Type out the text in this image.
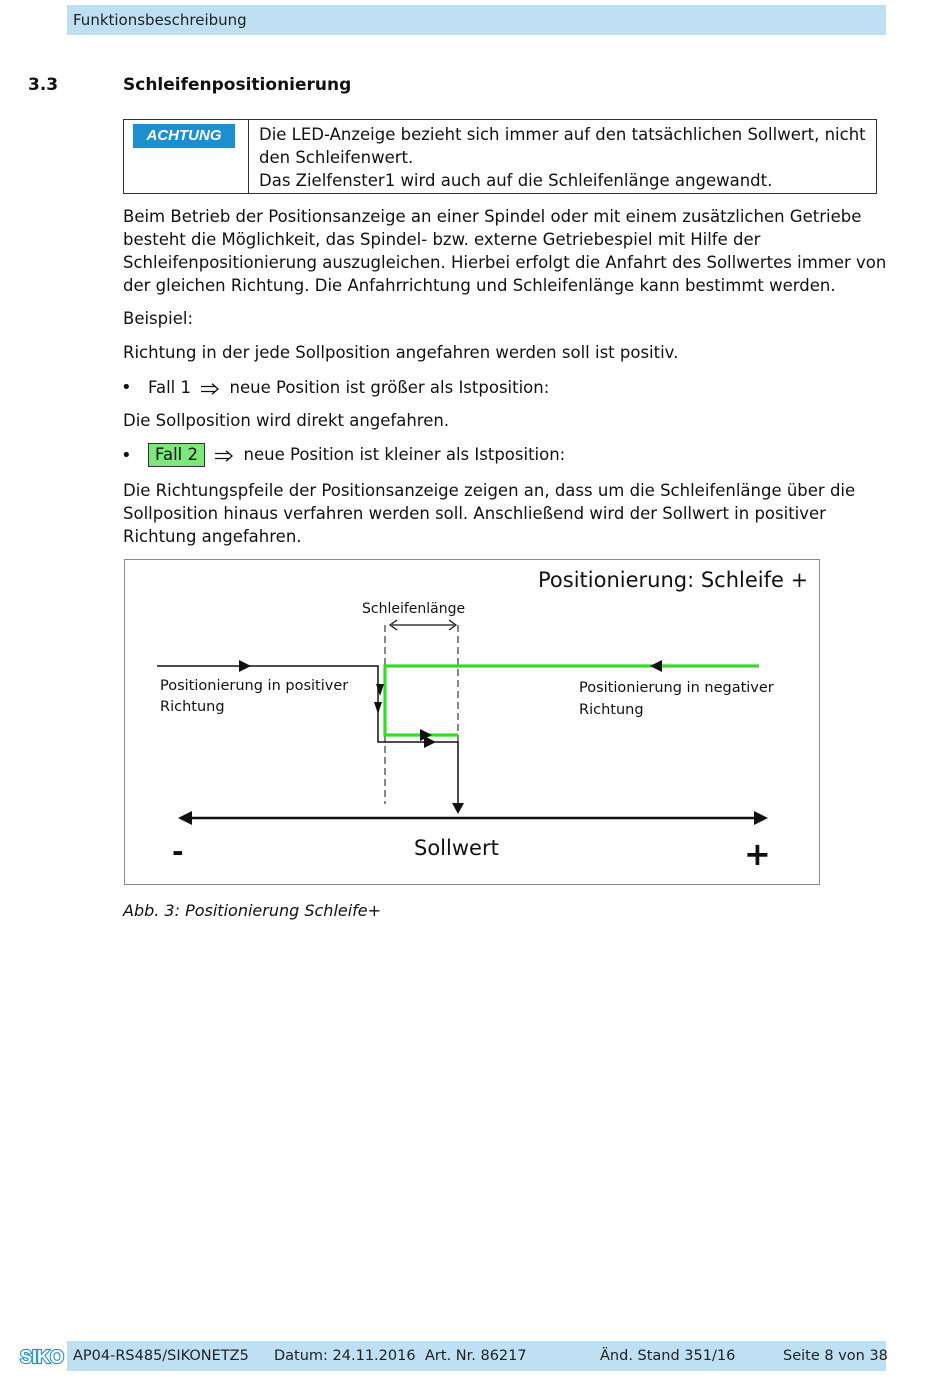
Funktionsbeschreibung
3.3	Schleifenpositionierung
ACHTUNG	Die LED-Anzeige bezieht sich immer auf den tatsächlichen Sollwert, nicht
den Schleifenwert.
Das Zielfenster1 wird auch auf die Schleifenlänge angewandt.
Beim Betrieb der Positionsanzeige an einer Spindel oder mit einem zusätzlichen Getriebe
besteht die Möglichkeit, das Spindel- bzw. externe Getriebespiel mit Hilfe der
Schleifenpositionierung auszugleichen. Hierbei erfolgt die Anfahrt des Sollwertes immer von
der gleichen Richtung. Die Anfahrrichtung und Schleifenlänge kann bestimmt werden.
Beispiel:
Richtung in der jede Sollposition angefahren werden soll ist positiv.
• Fall 1 neue Position ist größer als Istposition:
Die Sollposition wird direkt angefahren.
•	Fall 2	neue Position ist kleiner als Istposition:
Die Richtungspfeile der Positionsanzeige zeigen an, dass um die Schleifenlänge über die
Sollposition hinaus verfahren werden soll. Anschließend wird der Sollwert in positiver
Richtung angefahren.
Positionierung: Schleife +
Schleifenlänge
Positionierung in positiver Richtung
Positionierung in negativer Richtung
Sollwert
-	+
Abb. 3: Positionierung Schleife+
SIKO AP04-RS485/SIKONETZ5 Datum: 24.11.2016 Art. Nr. 86217	Änd. Stand 351/16	Seite 8 von 38
